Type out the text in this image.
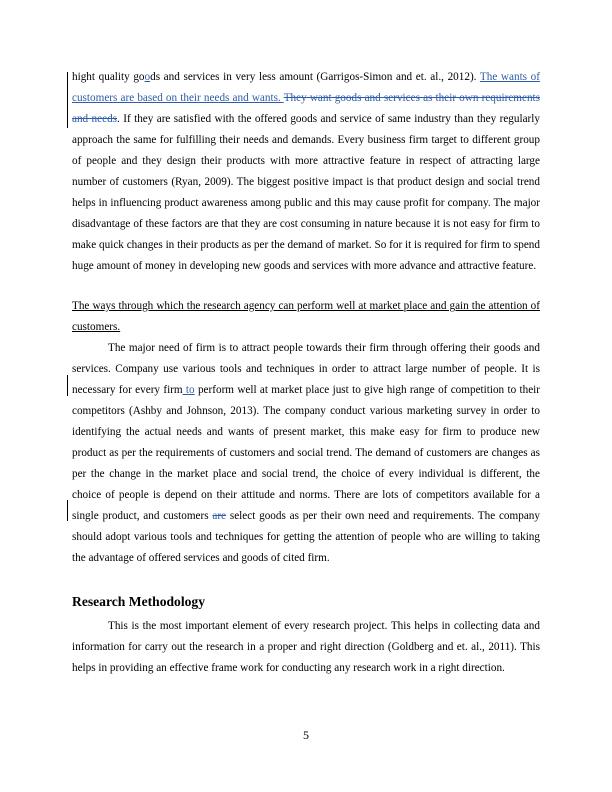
hight quality goods and services in very less amount (Garrigos-Simon and et. al., 2012). The wants of customers are based on their needs and wants. They want goods and services as their own requirements and needs. If they are satisfied with the offered goods and service of same industry than they regularly approach the same for fulfilling their needs and demands. Every business firm target to different group of people and they design their products with more attractive feature in respect of attracting large number of customers (Ryan, 2009). The biggest positive impact is that product design and social trend helps in influencing product awareness among public and this may cause profit for company. The major disadvantage of these factors are that they are cost consuming in nature because it is not easy for firm to make quick changes in their products as per the demand of market. So for it is required for firm to spend huge amount of money in developing new goods and services with more advance and attractive feature.
The ways through which the research agency can perform well at market place and gain the attention of customers.
The major need of firm is to attract people towards their firm through offering their goods and services. Company use various tools and techniques in order to attract large number of people. It is necessary for every firm to perform well at market place just to give high range of competition to their competitors (Ashby and Johnson, 2013). The company conduct various marketing survey in order to identifying the actual needs and wants of present market, this make easy for firm to produce new product as per the requirements of customers and social trend. The demand of customers are changes as per the change in the market place and social trend, the choice of every individual is different, the choice of people is depend on their attitude and norms. There are lots of competitors available for a single product, and customers are select goods as per their own need and requirements. The company should adopt various tools and techniques for getting the attention of people who are willing to taking the advantage of offered services and goods of cited firm.
Research Methodology
This is the most important element of every research project. This helps in collecting data and information for carry out the research in a proper and right direction (Goldberg and et. al., 2011). This helps in providing an effective frame work for conducting any research work in a right direction.
5
